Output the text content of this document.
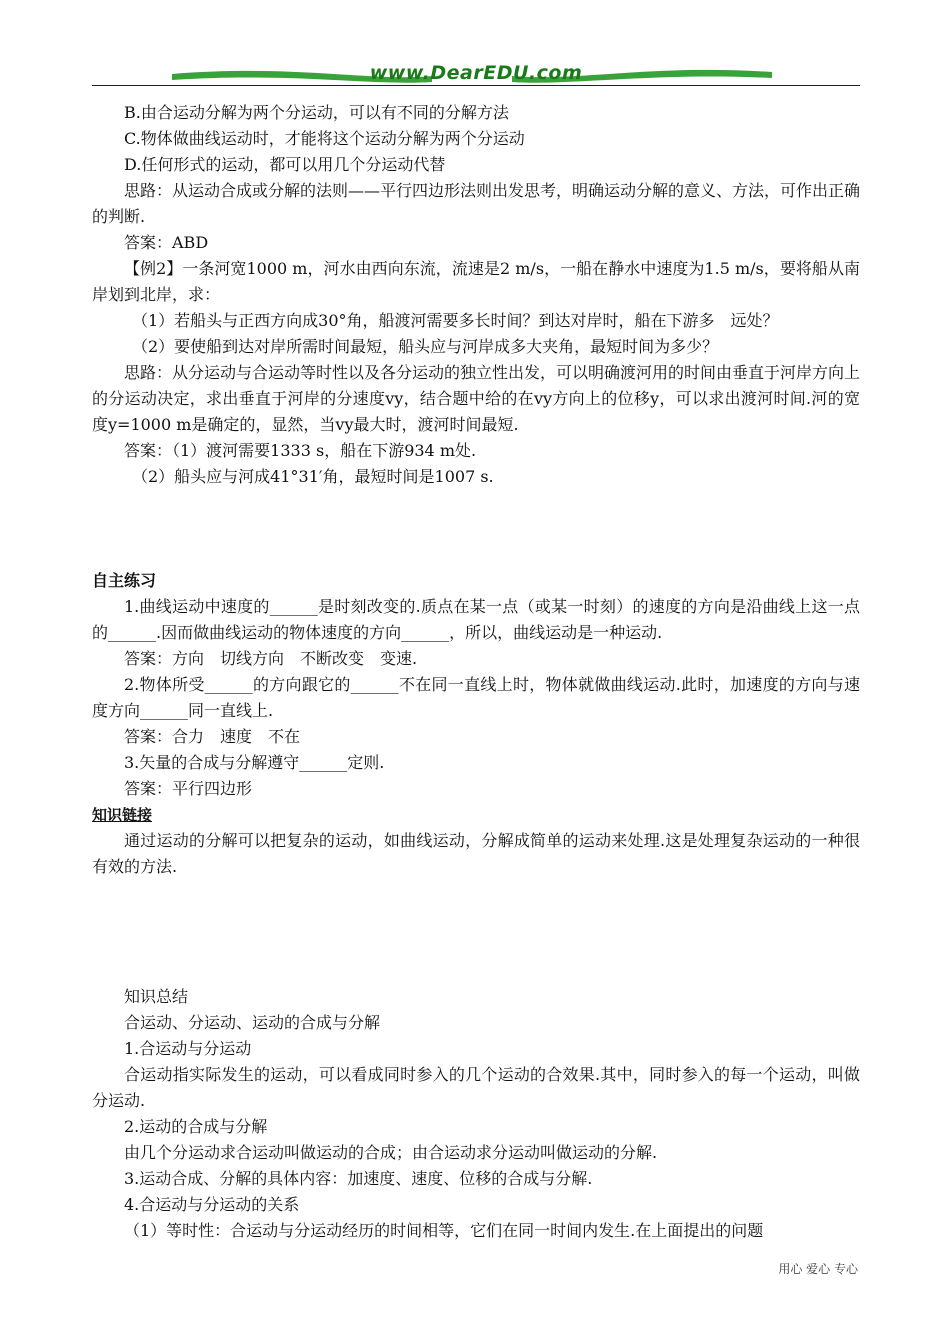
www.DearEDU.com

B.由合运动分解为两个分运动，可以有不同的分解方法

C.物体做曲线运动时，才能将这个运动分解为两个分运动

D.任何形式的运动，都可以用几个分运动代替

思路：从运动合成或分解的法则——平行四边形法则出发思考，明确运动分解的意义、方法，可作出正确的判断.

答案：ABD

【例2】一条河宽1000 m，河水由西向东流，流速是2 m/s，一船在静水中速度为1.5 m/s，要将船从南岸划到北岸，求：

（1）若船头与正西方向成30°角，船渡河需要多长时间？到达对岸时，船在下游多　远处？

（2）要使船到达对岸所需时间最短，船头应与河岸成多大夹角，最短时间为多少？

思路：从分运动与合运动等时性以及各分运动的独立性出发，可以明确渡河用的时间由垂直于河岸方向上的分运动决定，求出垂直于河岸的分速度vy，结合题中给的在vy方向上的位移y，可以求出渡河时间.河的宽度y=1000 m是确定的，显然，当vy最大时，渡河时间最短.

答案：（1）渡河需要1333 s，船在下游934 m处.

（2）船头应与河成41°31′角，最短时间是1007 s.

自主练习

1.曲线运动中速度的______是时刻改变的.质点在某一点（或某一时刻）的速度的方向是沿曲线上这一点的______.因而做曲线运动的物体速度的方向______，所以，曲线运动是一种运动.

答案：方向　切线方向　不断改变　变速.

2.物体所受______的方向跟它的______不在同一直线上时，物体就做曲线运动.此时，加速度的方向与速度方向______同一直线上.

答案：合力　速度　不在

3.矢量的合成与分解遵守______定则.

答案：平行四边形

知识链接

通过运动的分解可以把复杂的运动，如曲线运动，分解成简单的运动来处理.这是处理复杂运动的一种很有效的方法.

知识总结

合运动、分运动、运动的合成与分解

1.合运动与分运动

合运动指实际发生的运动，可以看成同时参入的几个运动的合效果.其中，同时参入的每一个运动，叫做分运动.

2.运动的合成与分解

由几个分运动求合运动叫做运动的合成；由合运动求分运动叫做运动的分解.

3.运动合成、分解的具体内容：加速度、速度、位移的合成与分解.

4.合运动与分运动的关系

（1）等时性：合运动与分运动经历的时间相等，它们在同一时间内发生.在上面提出的问题

用心 爱心 专心
